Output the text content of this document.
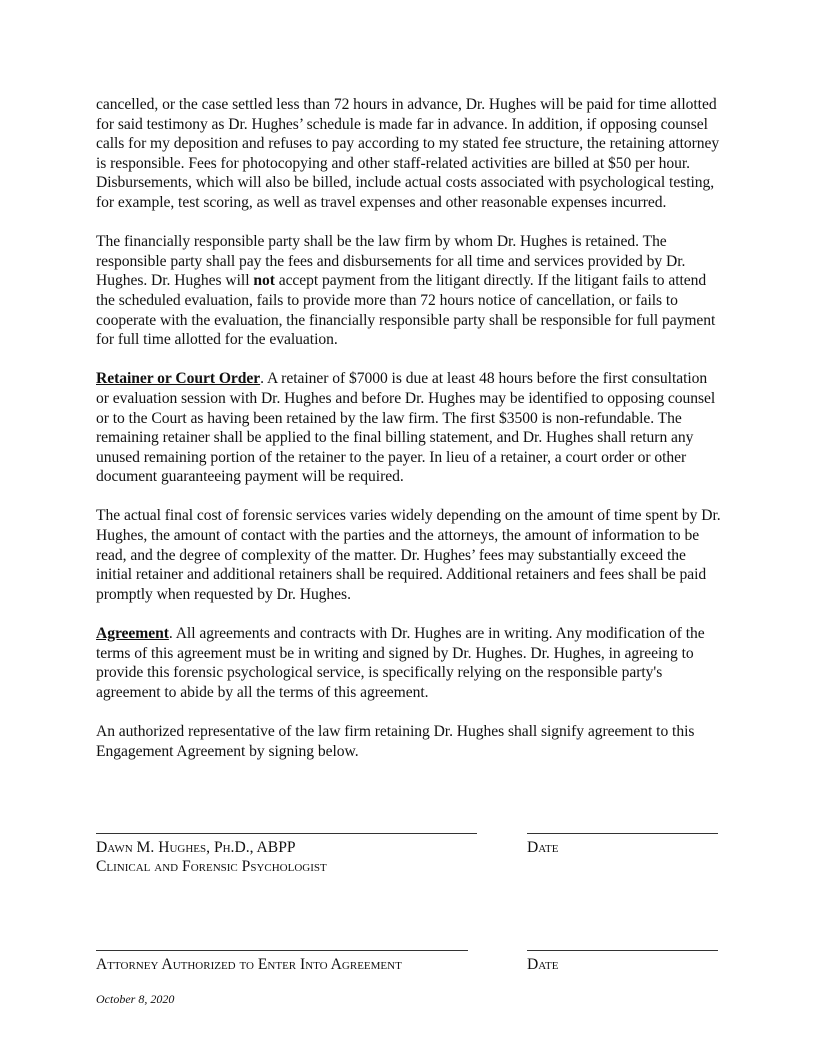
cancelled, or the case settled less than 72 hours in advance, Dr. Hughes will be paid for time allotted for said testimony as Dr. Hughes’ schedule is made far in advance. In addition, if opposing counsel calls for my deposition and refuses to pay according to my stated fee structure, the retaining attorney is responsible. Fees for photocopying and other staff-related activities are billed at $50 per hour. Disbursements, which will also be billed, include actual costs associated with psychological testing, for example, test scoring, as well as travel expenses and other reasonable expenses incurred.

The financially responsible party shall be the law firm by whom Dr. Hughes is retained. The responsible party shall pay the fees and disbursements for all time and services provided by Dr. Hughes. Dr. Hughes will not accept payment from the litigant directly. If the litigant fails to attend the scheduled evaluation, fails to provide more than 72 hours notice of cancellation, or fails to cooperate with the evaluation, the financially responsible party shall be responsible for full payment for full time allotted for the evaluation.

Retainer or Court Order. A retainer of $7000 is due at least 48 hours before the first consultation or evaluation session with Dr. Hughes and before Dr. Hughes may be identified to opposing counsel or to the Court as having been retained by the law firm. The first $3500 is non-refundable. The remaining retainer shall be applied to the final billing statement, and Dr. Hughes shall return any unused remaining portion of the retainer to the payer. In lieu of a retainer, a court order or other document guaranteeing payment will be required.

The actual final cost of forensic services varies widely depending on the amount of time spent by Dr. Hughes, the amount of contact with the parties and the attorneys, the amount of information to be read, and the degree of complexity of the matter. Dr. Hughes’ fees may substantially exceed the initial retainer and additional retainers shall be required. Additional retainers and fees shall be paid promptly when requested by Dr. Hughes.

Agreement. All agreements and contracts with Dr. Hughes are in writing. Any modification of the terms of this agreement must be in writing and signed by Dr. Hughes. Dr. Hughes, in agreeing to provide this forensic psychological service, is specifically relying on the responsible party's agreement to abide by all the terms of this agreement.

An authorized representative of the law firm retaining Dr. Hughes shall signify agreement to this Engagement Agreement by signing below.

Dawn M. Hughes, Ph.D., ABPP
Clinical and Forensic Psychologist
Date
Attorney Authorized to Enter Into Agreement	Date
October 8, 2020
